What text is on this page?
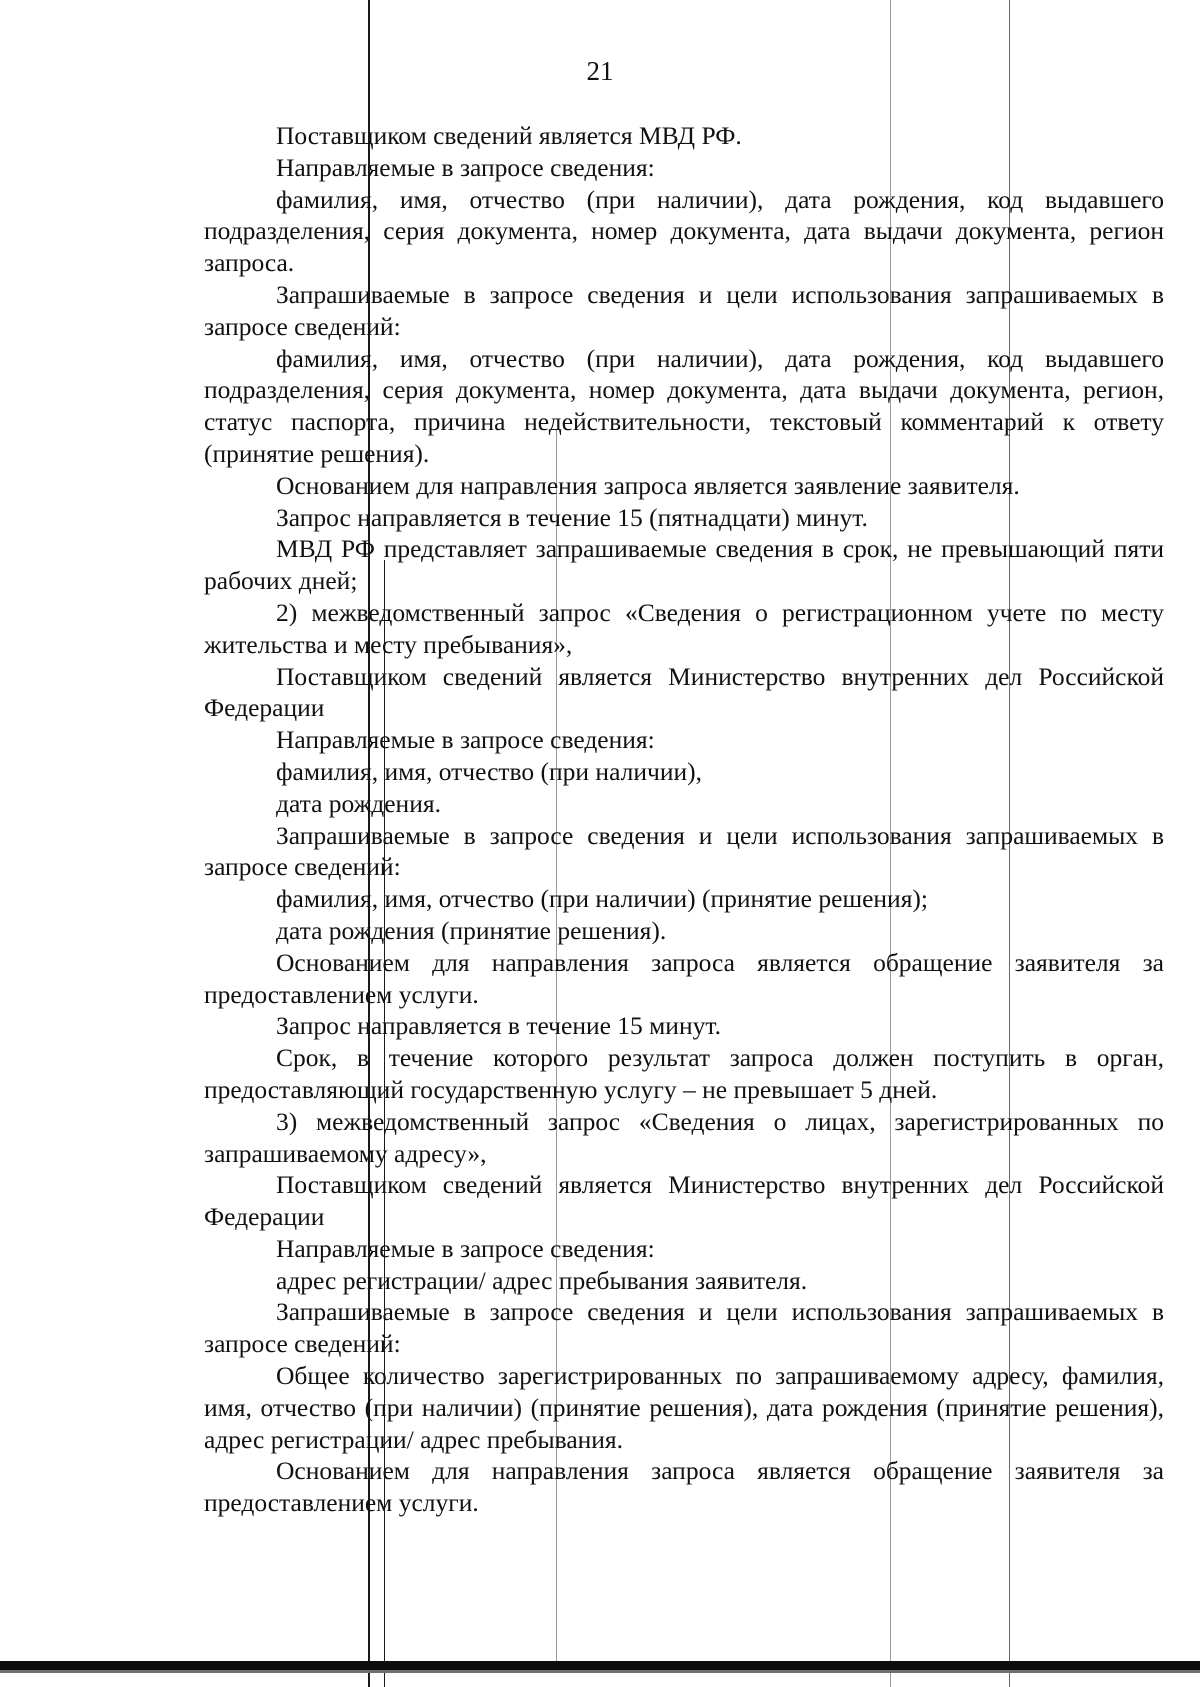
21

Поставщиком сведений является МВД РФ.

Направляемые в запросе сведения:

фамилия, имя, отчество (при наличии), дата рождения, код выдавшего подразделения, серия документа, номер документа, дата выдачи документа, регион запроса.

Запрашиваемые в запросе сведения и цели использования запрашиваемых в запросе сведений:

фамилия, имя, отчество (при наличии), дата рождения, код выдавшего подразделения, серия документа, номер документа, дата выдачи документа, регион, статус паспорта, причина недействительности, текстовый комментарий к ответу (принятие решения).

Основанием для направления запроса является заявление заявителя.

Запрос направляется в течение 15 (пятнадцати) минут.

МВД РФ представляет запрашиваемые сведения в срок, не превышающий пяти рабочих дней;

2) межведомственный запрос «Сведения о регистрационном учете по месту жительства и месту пребывания»,

Поставщиком сведений является Министерство внутренних дел Российской Федерации

Направляемые в запросе сведения:

фамилия, имя, отчество (при наличии),

дата рождения.

Запрашиваемые в запросе сведения и цели использования запрашиваемых в запросе сведений:

фамилия, имя, отчество (при наличии) (принятие решения);

дата рождения (принятие решения).

Основанием для направления запроса является обращение заявителя за предоставлением услуги.

Запрос направляется в течение 15 минут.

Срок, в течение которого результат запроса должен поступить в орган, предоставляющий государственную услугу – не превышает 5 дней.

3) межведомственный запрос «Сведения о лицах, зарегистрированных по запрашиваемому адресу»,

Поставщиком сведений является Министерство внутренних дел Российской Федерации

Направляемые в запросе сведения:

адрес регистрации/ адрес пребывания заявителя.

Запрашиваемые в запросе сведения и цели использования запрашиваемых в запросе сведений:

Общее количество зарегистрированных по запрашиваемому адресу, фамилия, имя, отчество (при наличии) (принятие решения), дата рождения (принятие решения), адрес регистрации/ адрес пребывания.

Основанием для направления запроса является обращение заявителя за предоставлением услуги.
